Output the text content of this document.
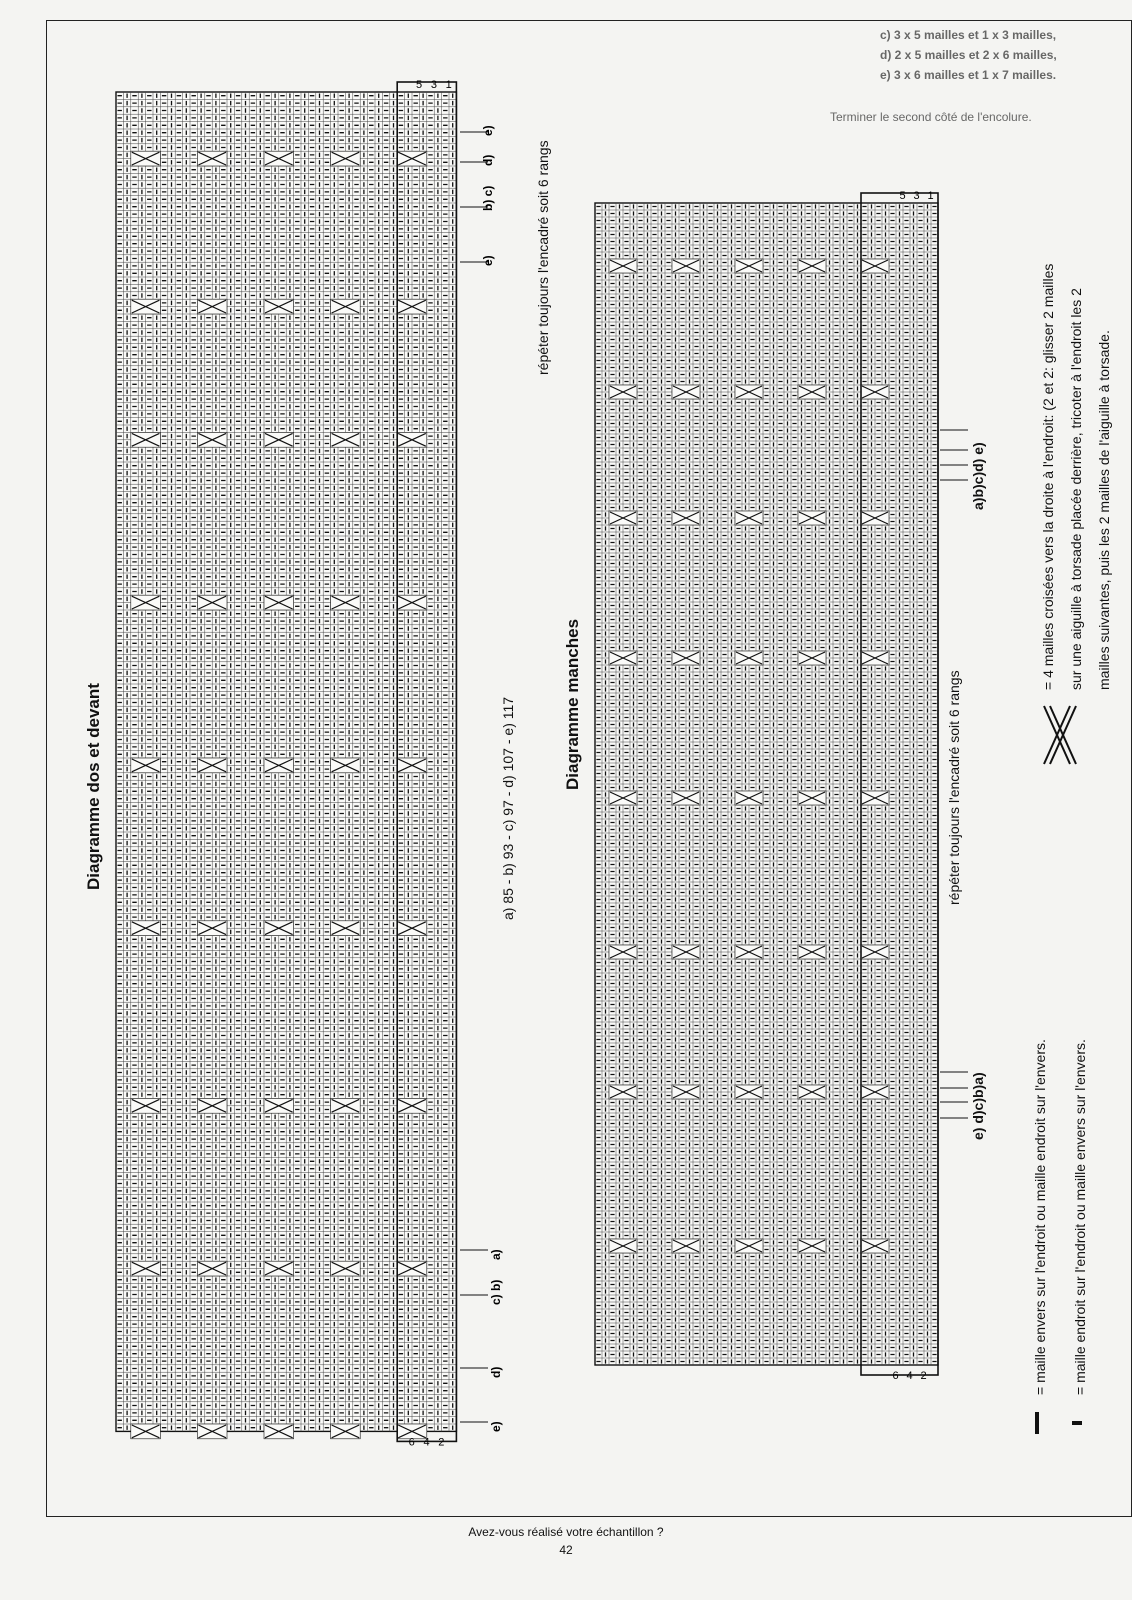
c) 3 x 5 mailles et 1 x 3 mailles,
d) 2 x 5 mailles et 2 x 6 mailles,
e) 3 x 6 mailles et 1 x 7 mailles.
Terminer le second côté de l'encolure.
1
3
5
2
4
6
e)
d)
b) c)
e)
a)
c) b)
d)
e)
Diagramme dos et devant	a) 85 - b) 93 - c) 97 - d) 107 - e) 117
répéter toujours l'encadré soit 6 rangs	1
3
5
2
4
6
Diagramme manches	répéter toujours l'encadré soit 6 rangs
a)b)c)d) e)
e) d)c)b)a)
= 4 mailles croisées vers la droite à l'endroit: (2 et 2: glisser 2 mailles sur une aiguille à torsade placée derrière, tricoter à l'endroit les 2 mailles suivantes, puis les 2 mailles de l'aiguille à torsade.
= maille envers sur l'endroit ou maille endroit sur l'envers. = maille endroit sur l'endroit ou maille envers sur l'envers.
Avez-vous réalisé votre échantillon ?
42
